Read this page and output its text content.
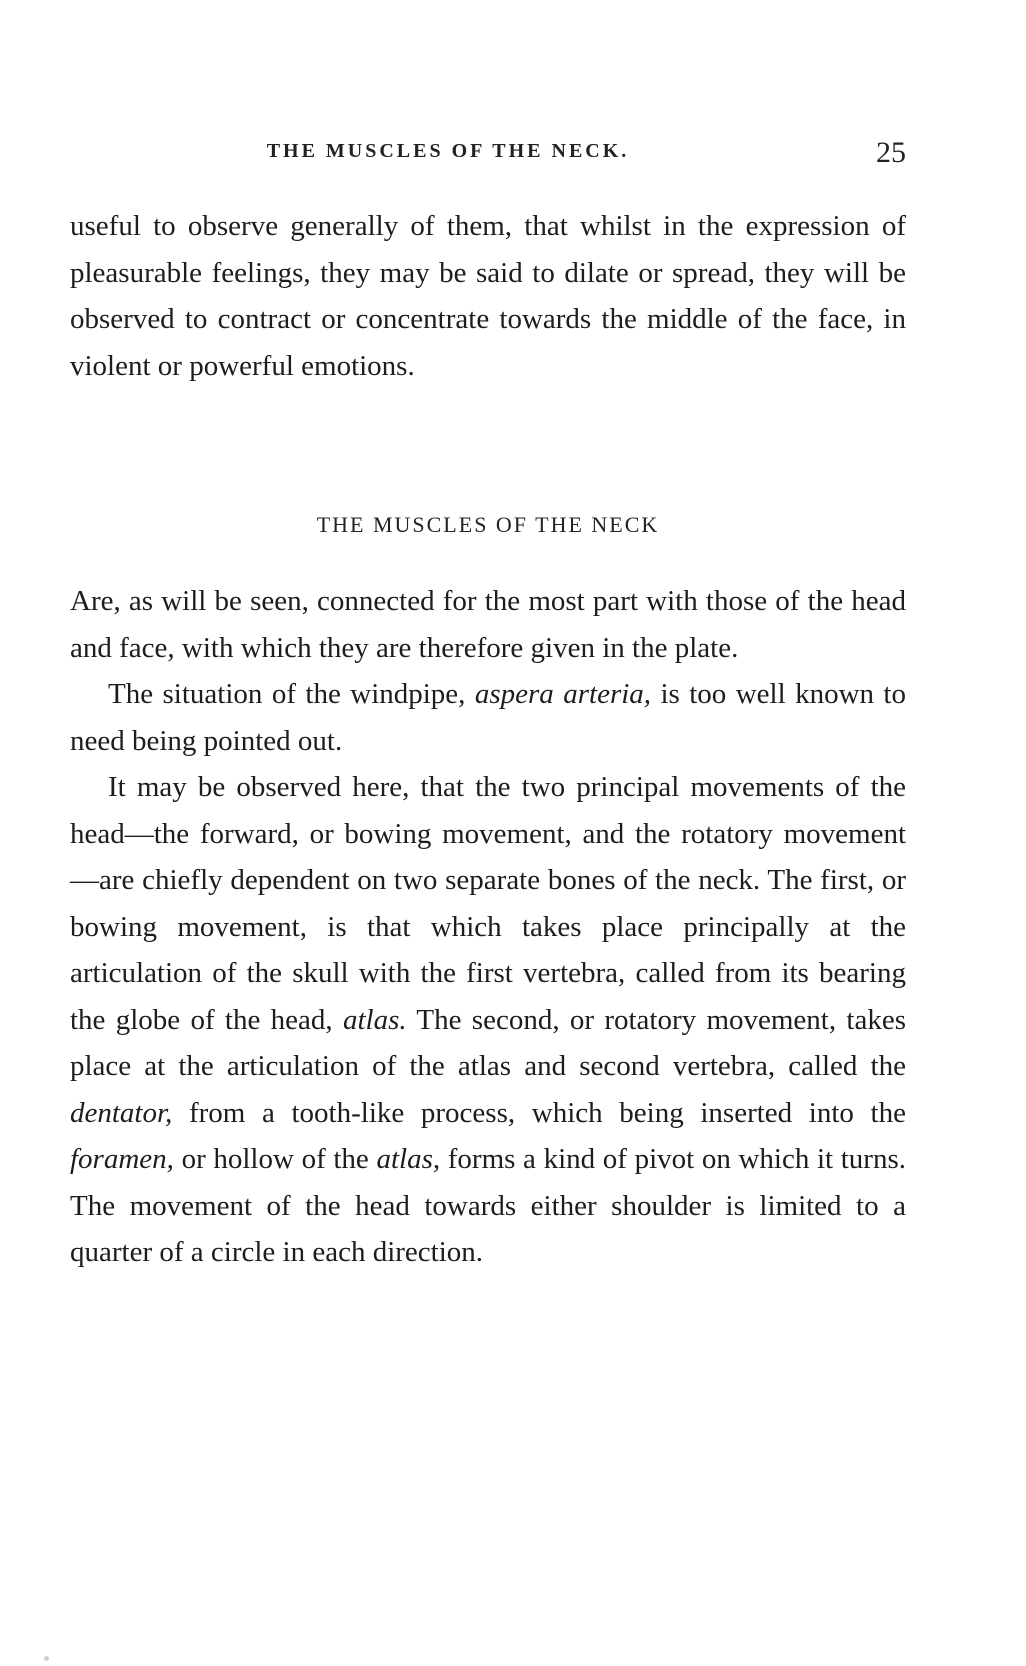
THE MUSCLES OF THE NECK.	25

useful to observe generally of them, that whilst in the expression of pleasurable feelings, they may be said to dilate or spread, they will be observed to contract or concentrate towards the middle of the face, in violent or powerful emotions.

THE MUSCLES OF THE NECK

Are, as will be seen, connected for the most part with those of the head and face, with which they are therefore given in the plate.

The situation of the windpipe, aspera arteria, is too well known to need being pointed out.

It may be observed here, that the two principal movements of the head—the forward, or bowing movement, and the rotatory movement—are chiefly dependent on two separate bones of the neck. The first, or bowing movement, is that which takes place principally at the articulation of the skull with the first vertebra, called from its bearing the globe of the head, atlas. The second, or rotatory movement, takes place at the articulation of the atlas and second vertebra, called the dentator, from a tooth-like process, which being inserted into the foramen, or hollow of the atlas, forms a kind of pivot on which it turns. The movement of the head towards either shoulder is limited to a quarter of a circle in each direction.
